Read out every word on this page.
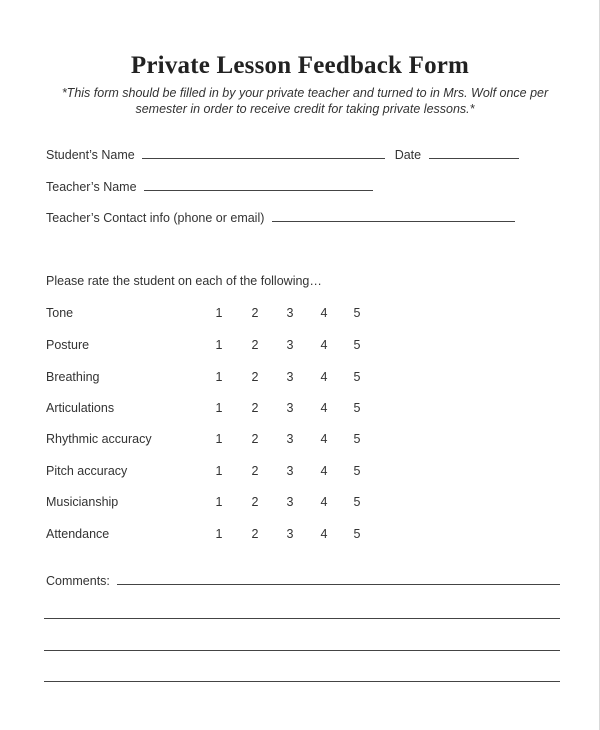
Private Lesson Feedback Form
*This form should be filled in by your private teacher and turned to in Mrs. Wolf once per semester in order to receive credit for taking private lessons.*
Student’s Name	Date
Teacher’s Name
Teacher’s Contact info (phone or email)
Please rate the student on each of the following…
Tone	1 2 3 4 5
Posture	1 2 3 4 5
Breathing	1 2 3 4 5
Articulations	1 2 3 4 5
Rhythmic accuracy	1 2 3 4 5
Pitch accuracy	1 2 3 4 5
Musicianship	1 2 3 4 5
Attendance	1 2 3 4 5
Comments:
